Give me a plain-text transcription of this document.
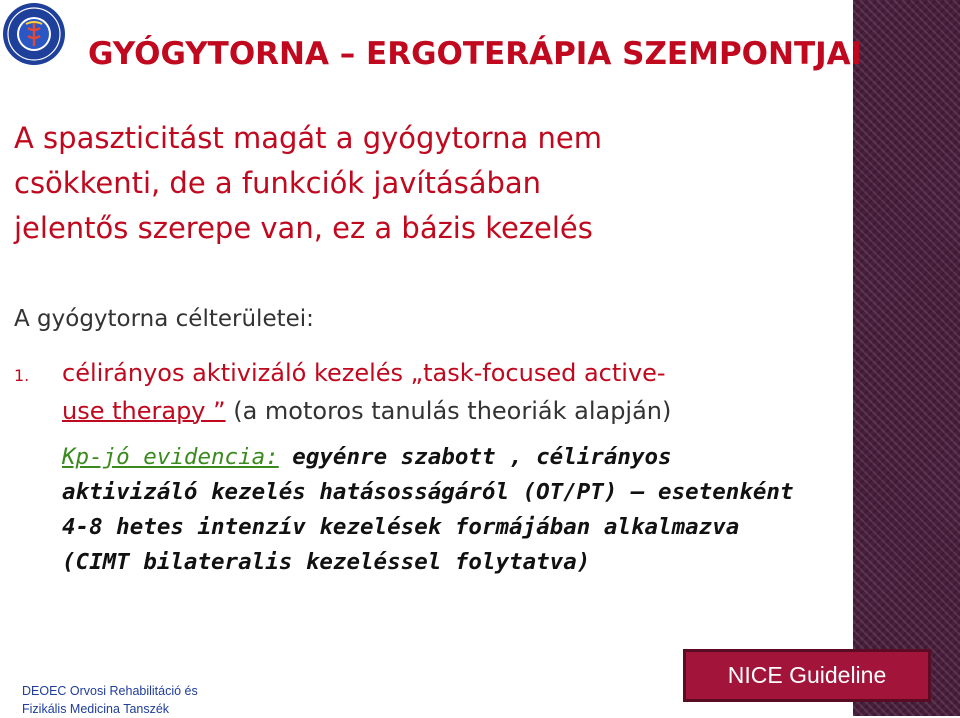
GYÓGYTORNA – ERGOTERÁPIA SZEMPONTJAI
A spaszticitást magát a gyógytorna nem
csökkenti, de a funkciók javításában
jelentős szerepe van, ez a bázis kezelés
A gyógytorna célterületei:
1. célirányos aktivizáló kezelés „task-focused active-
use therapy ” (a motoros tanulás theoriák alapján)
Kp-jó evidencia: egyénre szabott , célirányos
aktivizáló kezelés hatásosságáról (OT/PT) – esetenként
4-8 hetes intenzív kezelések formájában alkalmazva
(CIMT bilateralis kezeléssel folytatva)
DEOEC Orvosi Rehabilitáció és
Fizikális Medicina Tanszék
NICE Guideline
